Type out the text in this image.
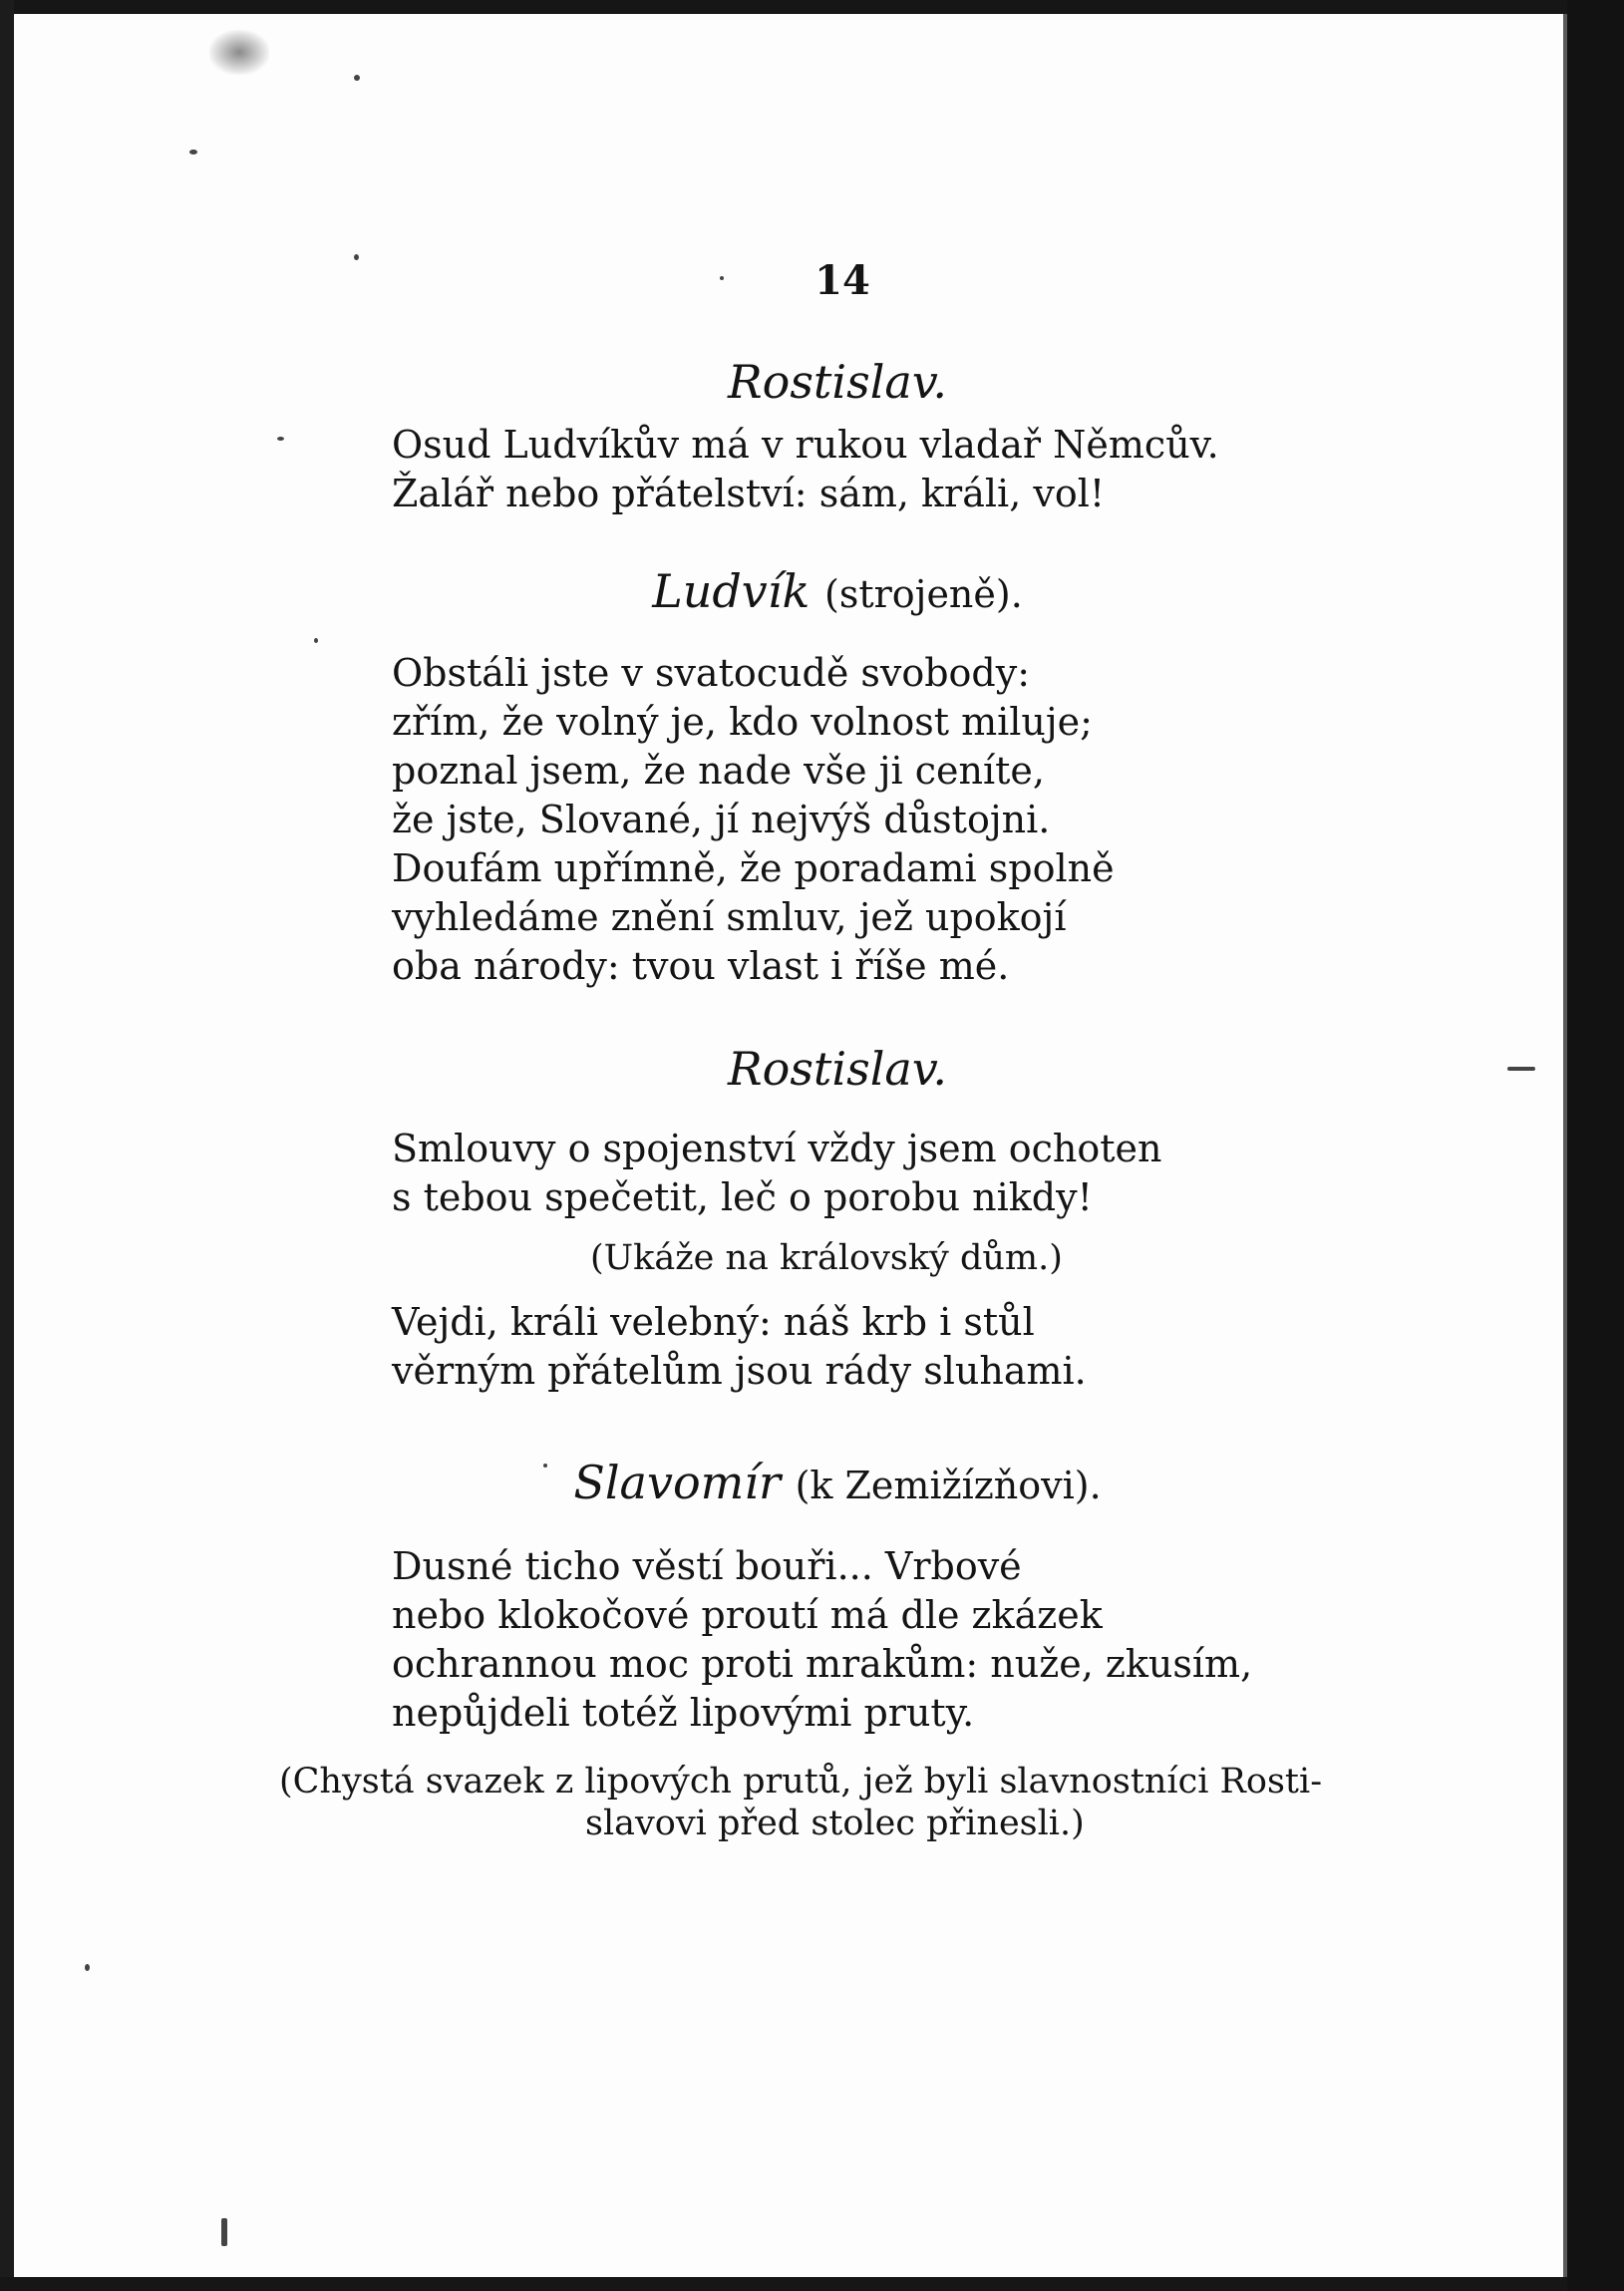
14
Rostislav.
Osud Ludvíkův má v rukou vladař Němcův.
Žalář nebo přátelství: sám, králi, vol!
Ludvík (strojeně).
Obstáli jste v svatocudě svobody:
zřím, že volný je, kdo volnost miluje;
poznal jsem, že nade vše ji ceníte,
že jste, Slované, jí nejvýš důstojni.
Doufám upřímně, že poradami spolně
vyhledáme znění smluv, jež upokojí
oba národy: tvou vlast i říše mé.
Rostislav.
Smlouvy o spojenství vždy jsem ochoten
s tebou spečetit, leč o porobu nikdy!
(Ukáže na královský dům.)
Vejdi, králi velebný: náš krb i stůl
věrným přátelům jsou rády sluhami.
Slavomír (k Zemižízňovi).
Dusné ticho věstí bouři... Vrbové
nebo klokočové proutí má dle zkázek
ochrannou moc proti mrakům: nuže, zkusím,
nepůjdeli totéž lipovými pruty.
(Chystá svazek z lipových prutů, jež byli slavnostníci Rosti-
slavovi před stolec přinesli.)
